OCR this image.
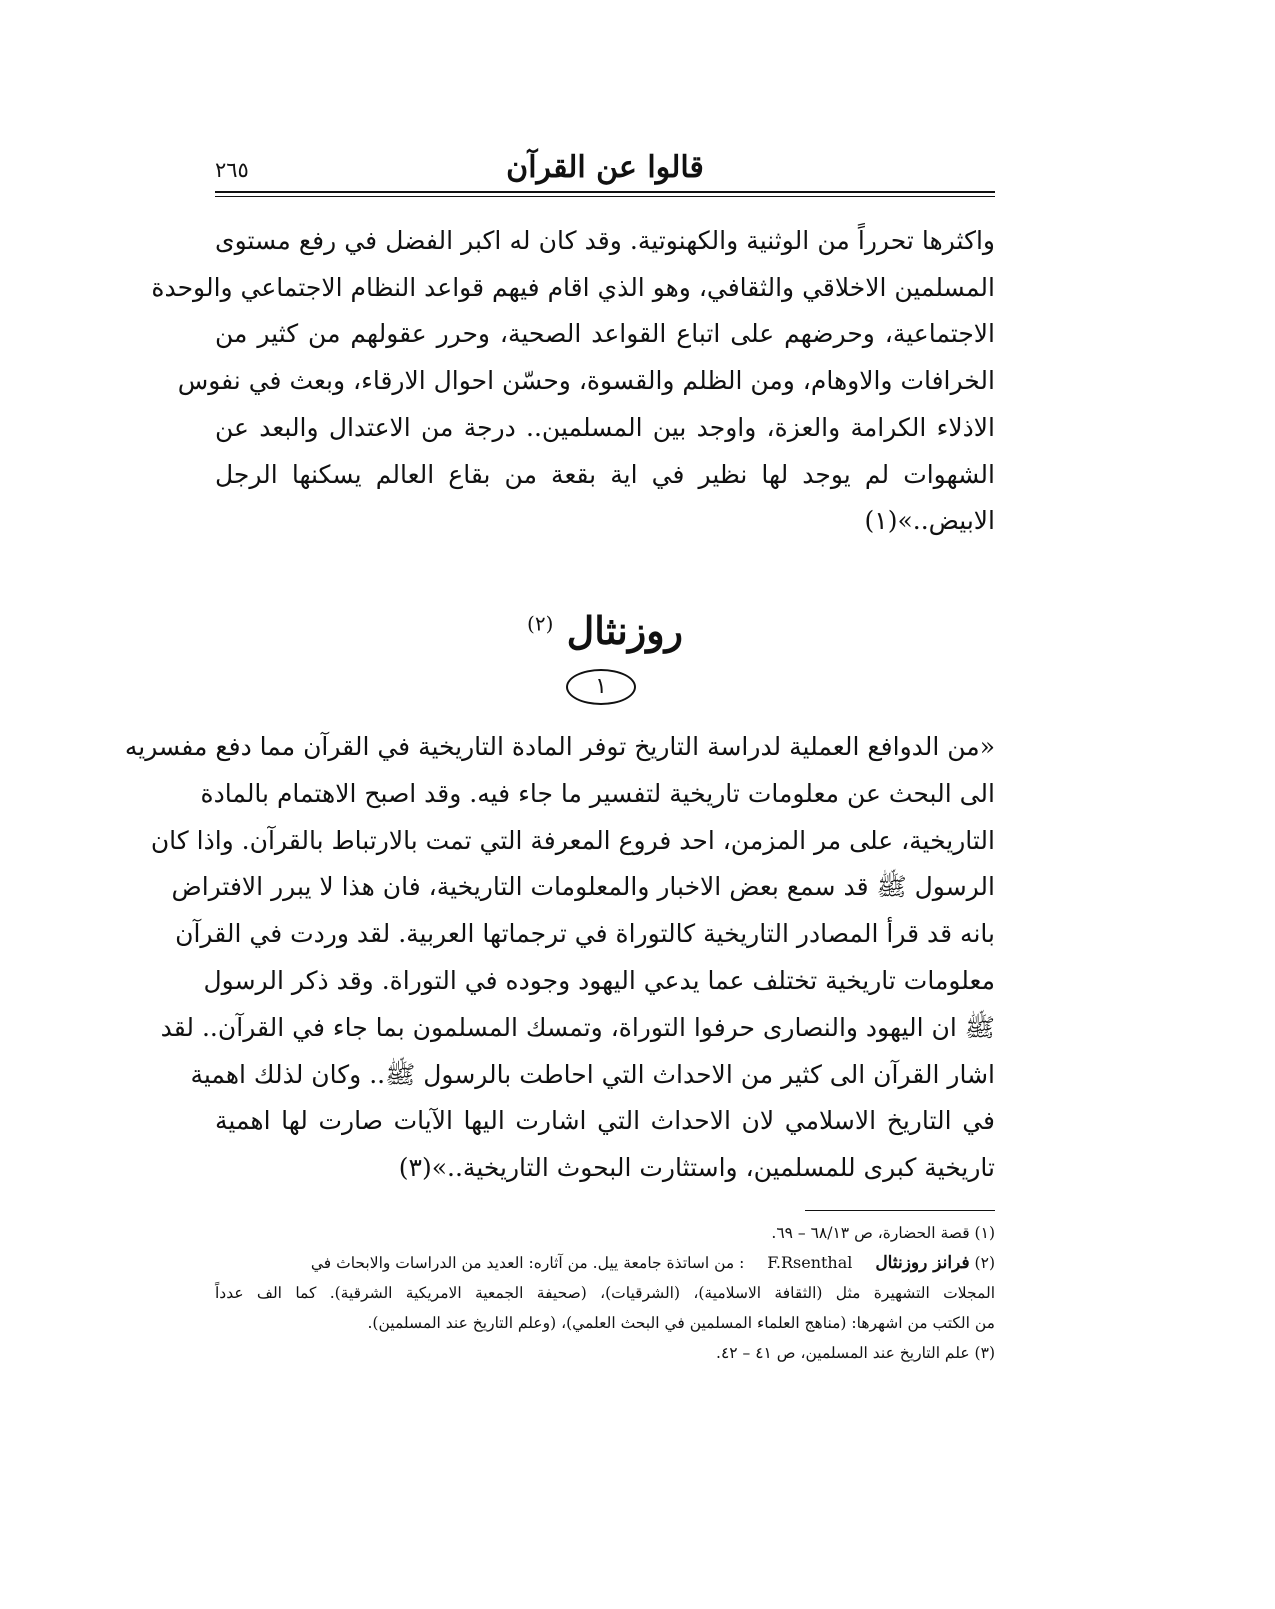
قالوا عن القرآن
٢٦٥
واكثرها تحرراً من الوثنية والكهنوتية. وقد كان له اكبر الفضل في رفع مستوى
المسلمين الاخلاقي والثقافي، وهو الذي اقام فيهم قواعد النظام الاجتماعي والوحدة
الاجتماعية، وحرضهم على اتباع القواعد الصحية، وحرر عقولهم من كثير من
الخرافات والاوهام، ومن الظلم والقسوة، وحسّن احوال الارقاء، وبعث في نفوس
الاذلاء الكرامة والعزة، واوجد بين المسلمين.. درجة من الاعتدال والبعد عن
الشهوات لم يوجد لها نظير في اية بقعة من بقاع العالم يسكنها الرجل
الابيض..»(١)
روزنثال $^{(٢)}$
١
«من الدوافع العملية لدراسة التاريخ توفر المادة التاريخية في القرآن مما دفع مفسريه
الى البحث عن معلومات تاريخية لتفسير ما جاء فيه. وقد اصبح الاهتمام بالمادة
التاريخية، على مر المزمن، احد فروع المعرفة التي تمت بالارتباط بالقرآن. واذا كان
الرسول ﷺ قد سمع بعض الاخبار والمعلومات التاريخية، فان هذا لا يبرر الافتراض
بانه قد قرأ المصادر التاريخية كالتوراة في ترجماتها العربية. لقد وردت في القرآن
معلومات تاريخية تختلف عما يدعي اليهود وجوده في التوراة. وقد ذكر الرسول
ﷺ ان اليهود والنصارى حرفوا التوراة، وتمسك المسلمون بما جاء في القرآن.. لقد
اشار القرآن الى كثير من الاحداث التي احاطت بالرسول ﷺ.. وكان لذلك اهمية
في التاريخ الاسلامي لان الاحداث التي اشارت اليها الآيات صارت لها اهمية
تاريخية كبرى للمسلمين، واستثارت البحوث التاريخية..»(٣)
(١) قصة الحضارة، ص ٦٨/١٣ – ٦٩.
(٢) فرانز روزنثال F.Rsenthal : من اساتذة جامعة ييل. من آثاره: العديد من الدراسات والابحاث في
المجلات التشهيرة مثل (الثقافة الاسلامية)، (الشرقيات)، (صحيفة الجمعية الامريكية الشرقية). كما الف عدداً
من الكتب من اشهرها: (مناهج العلماء المسلمين في البحث العلمي)، (وعلم التاريخ عند المسلمين).
(٣) علم التاريخ عند المسلمين، ص ٤١ – ٤٢.
